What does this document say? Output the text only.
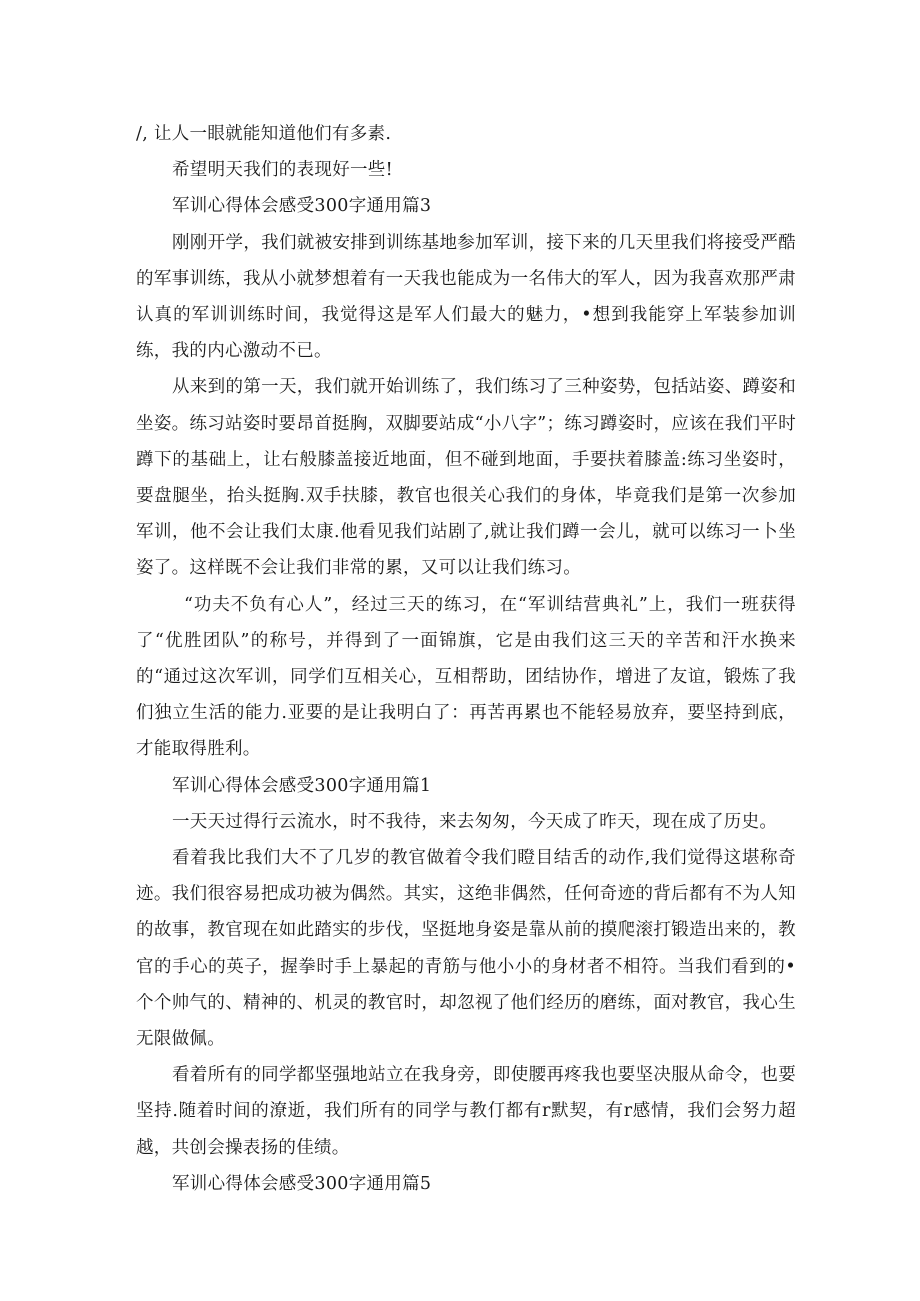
/, 让人一眼就能知道他们有多素.

希望明天我们的表现好一些!

军训心得体会感受300字通用篇3

刚刚开学，我们就被安排到训练基地参加军训，接下来的几天里我们将接受严酷的军事训练，我从小就梦想着有一天我也能成为一名伟大的军人，因为我喜欢那严肃认真的军训训练时间，我觉得这是军人们最大的魅力，•想到我能穿上军装参加训练，我的内心激动不已。

从来到的第一天，我们就开始训练了，我们练习了三种姿势，包括站姿、蹲姿和坐姿。练习站姿时要昂首挺胸，双脚要站成“小八字”；练习蹲姿时，应该在我们平时蹲下的基础上，让右般膝盖接近地面，但不碰到地面，手要扶着膝盖:练习坐姿时，要盘腿坐，抬头挺胸.双手扶膝，教官也很关心我们的身体，毕竟我们是第一次参加军训，他不会让我们太康.他看见我们站剧了,就让我们蹲一会儿，就可以练习一卜坐姿了。这样既不会让我们非常的累，又可以让我们练习。

“功夫不负有心人”，经过三天的练习，在“军训结营典礼”上，我们一班获得了“优胜团队”的称号，并得到了一面锦旗，它是由我们这三天的辛苦和汗水换来的“通过这次军训，同学们互相关心，互相帮助，团结协作，增进了友谊，锻炼了我们独立生活的能力.亚要的是让我明白了：再苦再累也不能轻易放弃，要坚持到底，才能取得胜利。

军训心得体会感受300字通用篇1

一天天过得行云流水，时不我待，来去匆匆，今天成了昨天，现在成了历史。

看着我比我们大不了几岁的教官做着令我们瞪目结舌的动作,我们觉得这堪称奇迹。我们很容易把成功被为偶然。其实，这绝非偶然，任何奇迹的背后都有不为人知的故事，教官现在如此踏实的步伐，坚挺地身姿是靠从前的摸爬滚打锻造出来的，教官的手心的英子，握拳时手上暴起的青筋与他小小的身材者不相符。当我们看到的•个个帅气的、精神的、机灵的教官时，却忽视了他们经历的磨练，面对教官，我心生无限做佩。

看着所有的同学都坚强地站立在我身旁，即使腰再疼我也要坚决服从命令，也要坚持.随着时间的潦逝，我们所有的同学与教仃都有r默契，有r感情，我们会努力超越，共创会操表扬的佳绩。

军训心得体会感受300字通用篇5
